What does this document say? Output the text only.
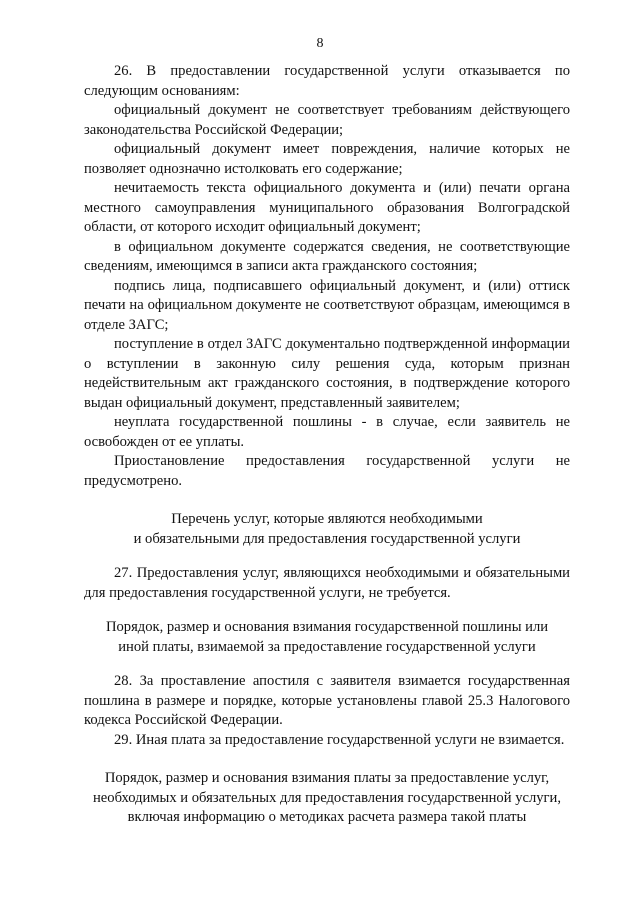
8

26. В предоставлении государственной услуги отказывается по следующим основаниям:

официальный документ не соответствует требованиям действующего законодательства Российской Федерации;

официальный документ имеет повреждения, наличие которых не позволяет однозначно истолковать его содержание;

нечитаемость текста официального документа и (или) печати органа местного самоуправления муниципального образования Волгоградской области, от которого исходит официальный документ;

в официальном документе содержатся сведения, не соответствующие сведениям, имеющимся в записи акта гражданского состояния;

подпись лица, подписавшего официальный документ, и (или) оттиск печати на официальном документе не соответствуют образцам, имеющимся в отделе ЗАГС;

поступление в отдел ЗАГС документально подтвержденной информации о вступлении в законную силу решения суда, которым признан недействительным акт гражданского состояния, в подтверждение которого выдан официальный документ, представленный заявителем;

неуплата государственной пошлины - в случае, если заявитель не освобожден от ее уплаты.

Приостановление предоставления государственной услуги не предусмотрено.

Перечень услуг, которые являются необходимыми
и обязательными для предоставления государственной услуги

27. Предоставления услуг, являющихся необходимыми и обязательными для предоставления государственной услуги, не требуется.

Порядок, размер и основания взимания государственной пошлины или
иной платы, взимаемой за предоставление государственной услуги

28. За проставление апостиля с заявителя взимается государственная пошлина в размере и порядке, которые установлены главой 25.3 Налогового кодекса Российской Федерации.

29. Иная плата за предоставление государственной услуги не взимается.

Порядок, размер и основания взимания платы за предоставление услуг,
необходимых и обязательных для предоставления государственной услуги,
включая информацию о методиках расчета размера такой платы
